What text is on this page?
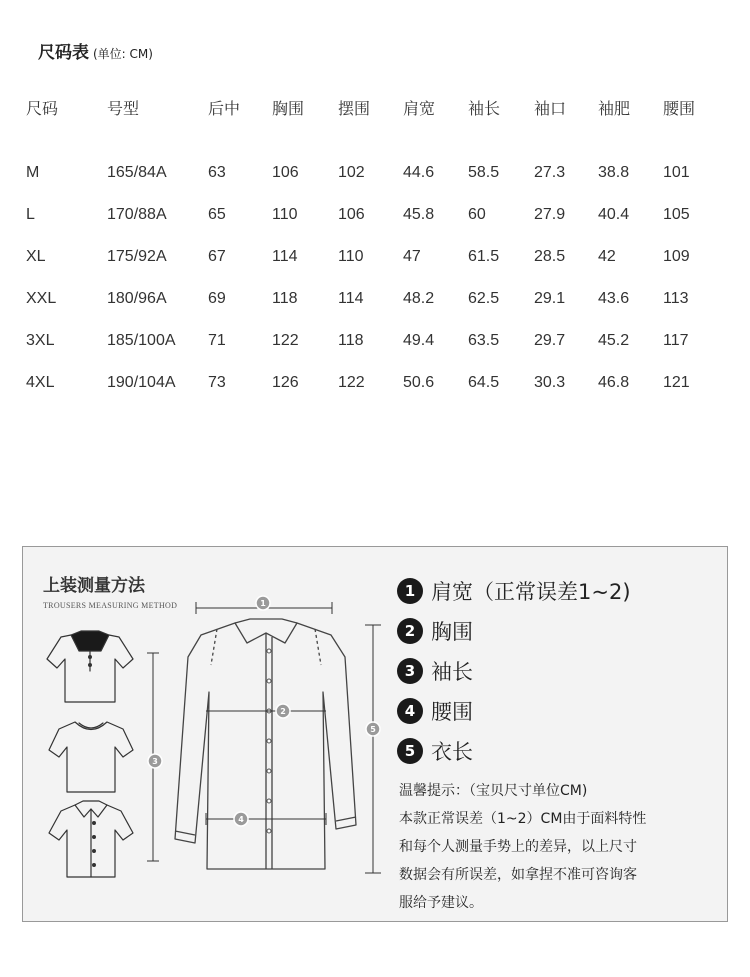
尺码表 (单位: CM)
尺码	号型	后中	胸围	摆围	肩宽	袖长	袖口	袖肥	腰围

M	165/84A	63	106	102	44.6	58.5	27.3	38.8	101
L	170/88A	65	110	106	45.8	60	27.9	40.4	105
XL	175/92A	67	114	110	47	61.5	28.5	42	109
XXL	180/96A	69	118	114	48.2	62.5	29.1	43.6	113
3XL	185/100A	71	122	118	49.4	63.5	29.7	45.2	117
4XL	190/104A	73	126	122	50.6	64.5	30.3	46.8	121
上装测量方法
TROUSERS MEASURING METHOD	1
2
3
4
5
1 肩宽（正常误差1~2)
2 胸围
3 袖长
4 腰围
5 衣长
温馨提示：（宝贝尺寸单位CM)
本款正常误差（1~2）CM由于面料特性
和每个人测量手势上的差异，以上尺寸
数据会有所误差，如拿捏不准可咨询客
服给予建议。
